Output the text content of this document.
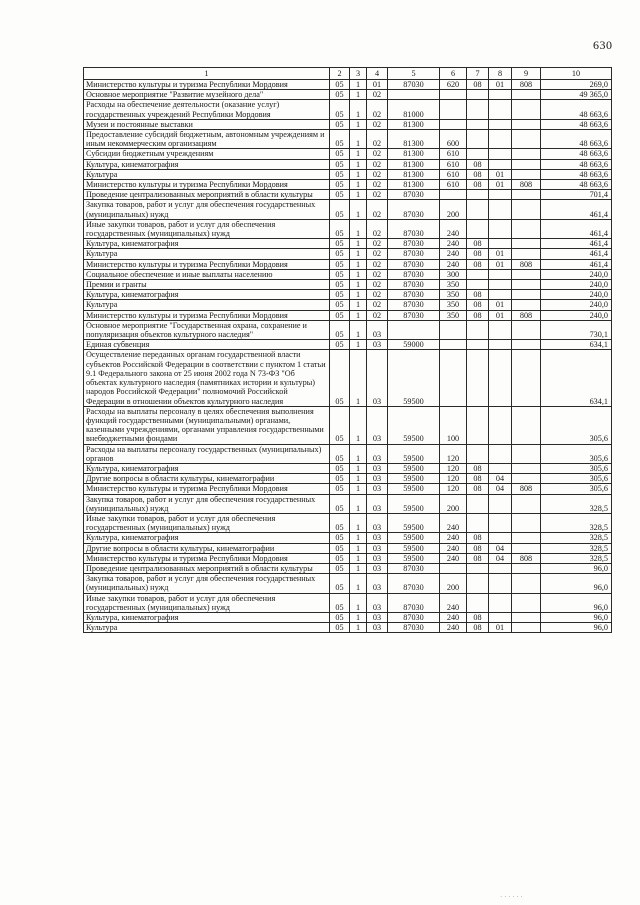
630
1	2	3	4	5	6	7	8	9	10
Министерство культуры и туризма Республики Мордовия	05	1	01	87030	620	08	01	808	269,0
Основное мероприятие "Развитие музейного дела"	05	1	02						49 365,0
Расходы на обеспечение деятельности (оказание услуг) государственных учреждений Республики Мордовия	05	1	02	81000					48 663,6
Музеи и постоянные выставки	05	1	02	81300					48 663,6
Предоставление субсидий бюджетным, автономным учреждениям и иным некоммерческим организациям	05	1	02	81300	600				48 663,6
Субсидии бюджетным учреждениям	05	1	02	81300	610				48 663,6
Культура, кинематография	05	1	02	81300	610	08			48 663,6
Культура	05	1	02	81300	610	08	01		48 663,6
Министерство культуры и туризма Республики Мордовия	05	1	02	81300	610	08	01	808	48 663,6
Проведение централизованных мероприятий в области культуры	05	1	02	87030					701,4
Закупка товаров, работ и услуг для обеспечения государственных (муниципальных) нужд	05	1	02	87030	200				461,4
Иные закупки товаров, работ и услуг для обеспечения государственных (муниципальных) нужд	05	1	02	87030	240				461,4
Культура, кинематография	05	1	02	87030	240	08			461,4
Культура	05	1	02	87030	240	08	01		461,4
Министерство культуры и туризма Республики Мордовия	05	1	02	87030	240	08	01	808	461,4
Социальное обеспечение и иные выплаты населению	05	1	02	87030	300				240,0
Премии и гранты	05	1	02	87030	350				240,0
Культура, кинематография	05	1	02	87030	350	08			240,0
Культура	05	1	02	87030	350	08	01		240,0
Министерство культуры и туризма Республики Мордовия	05	1	02	87030	350	08	01	808	240,0
Основное мероприятие "Государственная охрана, сохранение и популяризация объектов культурного наследия"	05	1	03						730,1
Единая субвенция	05	1	03	59000					634,1
Осуществление переданных органам государственной власти субъектов Российской Федерации в соответствии с пунктом 1 статьи 9.1 Федерального закона от 25 июня 2002 года N 73-ФЗ "Об объектах культурного наследия (памятниках истории и культуры) народов Российской Федерации" полномочий Российской Федерации в отношении объектов культурного наследия	05	1	03	59500					634,1
Расходы на выплаты персоналу в целях обеспечения выполнения функций государственными (муниципальными) органами, казенными учреждениями, органами управления государственными внебюджетными фондами	05	1	03	59500	100				305,6
Расходы на выплаты персоналу государственных (муниципальных) органов	05	1	03	59500	120				305,6
Культура, кинематография	05	1	03	59500	120	08			305,6
Другие вопросы в области культуры, кинематографии	05	1	03	59500	120	08	04		305,6
Министерство культуры и туризма Республики Мордовия	05	1	03	59500	120	08	04	808	305,6
Закупка товаров, работ и услуг для обеспечения государственных (муниципальных) нужд	05	1	03	59500	200				328,5
Иные закупки товаров, работ и услуг для обеспечения государственных (муниципальных) нужд	05	1	03	59500	240				328,5
Культура, кинематография	05	1	03	59500	240	08			328,5
Другие вопросы в области культуры, кинематографии	05	1	03	59500	240	08	04		328,5
Министерство культуры и туризма Республики Мордовия	05	1	03	59500	240	08	04	808	328,5
Проведение централизованных мероприятий в области культуры	05	1	03	87030					96,0
Закупка товаров, работ и услуг для обеспечения государственных (муниципальных) нужд	05	1	03	87030	200				96,0
Иные закупки товаров, работ и услуг для обеспечения государственных (муниципальных) нужд	05	1	03	87030	240				96,0
Культура, кинематография	05	1	03	87030	240	08			96,0
Культура	05	1	03	87030	240	08	01		96,0
· · · · · ·
